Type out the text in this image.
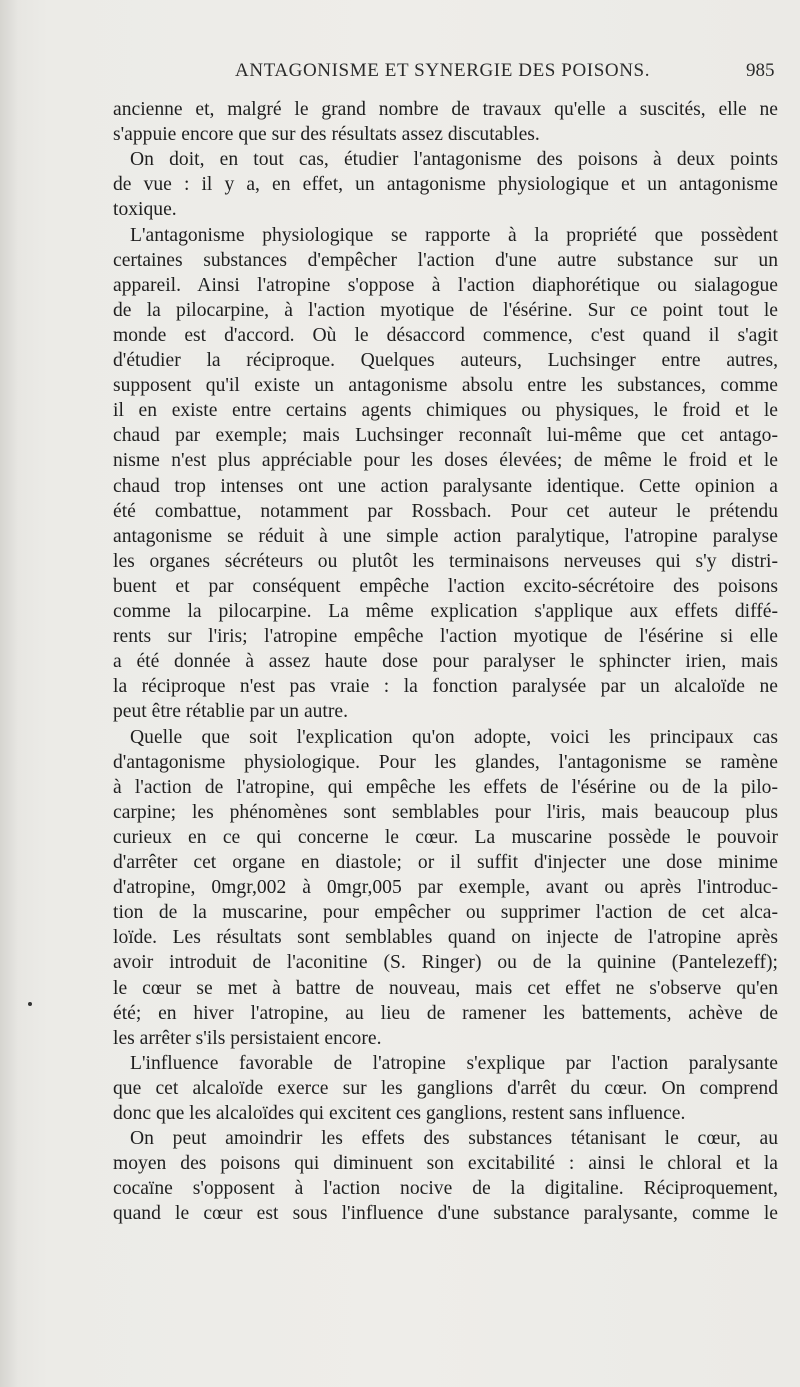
ANTAGONISME ET SYNERGIE DES POISONS.	985
ancienne et, malgré le grand nombre de travaux qu'elle a suscités, elle ne
s'appuie encore que sur des résultats assez discutables.
On doit, en tout cas, étudier l'antagonisme des poisons à deux points
de vue : il y a, en effet, un antagonisme physiologique et un antagonisme
toxique.
L'antagonisme physiologique se rapporte à la propriété que possèdent
certaines substances d'empêcher l'action d'une autre substance sur un
appareil. Ainsi l'atropine s'oppose à l'action diaphorétique ou sialagogue
de la pilocarpine, à l'action myotique de l'ésérine. Sur ce point tout le
monde est d'accord. Où le désaccord commence, c'est quand il s'agit
d'étudier la réciproque. Quelques auteurs, Luchsinger entre autres,
supposent qu'il existe un antagonisme absolu entre les substances, comme
il en existe entre certains agents chimiques ou physiques, le froid et le
chaud par exemple; mais Luchsinger reconnaît lui-même que cet antago-
nisme n'est plus appréciable pour les doses élevées; de même le froid et le
chaud trop intenses ont une action paralysante identique. Cette opinion a
été combattue, notamment par Rossbach. Pour cet auteur le prétendu
antagonisme se réduit à une simple action paralytique, l'atropine paralyse
les organes sécréteurs ou plutôt les terminaisons nerveuses qui s'y distri-
buent et par conséquent empêche l'action excito-sécrétoire des poisons
comme la pilocarpine. La même explication s'applique aux effets diffé-
rents sur l'iris; l'atropine empêche l'action myotique de l'ésérine si elle
a été donnée à assez haute dose pour paralyser le sphincter irien, mais
la réciproque n'est pas vraie : la fonction paralysée par un alcaloïde ne
peut être rétablie par un autre.
Quelle que soit l'explication qu'on adopte, voici les principaux cas
d'antagonisme physiologique. Pour les glandes, l'antagonisme se ramène
à l'action de l'atropine, qui empêche les effets de l'ésérine ou de la pilo-
carpine; les phénomènes sont semblables pour l'iris, mais beaucoup plus
curieux en ce qui concerne le cœur. La muscarine possède le pouvoir
d'arrêter cet organe en diastole; or il suffit d'injecter une dose minime
d'atropine, 0mgr,002 à 0mgr,005 par exemple, avant ou après l'introduc-
tion de la muscarine, pour empêcher ou supprimer l'action de cet alca-
loïde. Les résultats sont semblables quand on injecte de l'atropine après
avoir introduit de l'aconitine (S. Ringer) ou de la quinine (Pantelezeff);
le cœur se met à battre de nouveau, mais cet effet ne s'observe qu'en
été; en hiver l'atropine, au lieu de ramener les battements, achève de
les arrêter s'ils persistaient encore.
L'influence favorable de l'atropine s'explique par l'action paralysante
que cet alcaloïde exerce sur les ganglions d'arrêt du cœur. On comprend
donc que les alcaloïdes qui excitent ces ganglions, restent sans influence.
On peut amoindrir les effets des substances tétanisant le cœur, au
moyen des poisons qui diminuent son excitabilité : ainsi le chloral et la
cocaïne s'opposent à l'action nocive de la digitaline. Réciproquement,
quand le cœur est sous l'influence d'une substance paralysante, comme le
